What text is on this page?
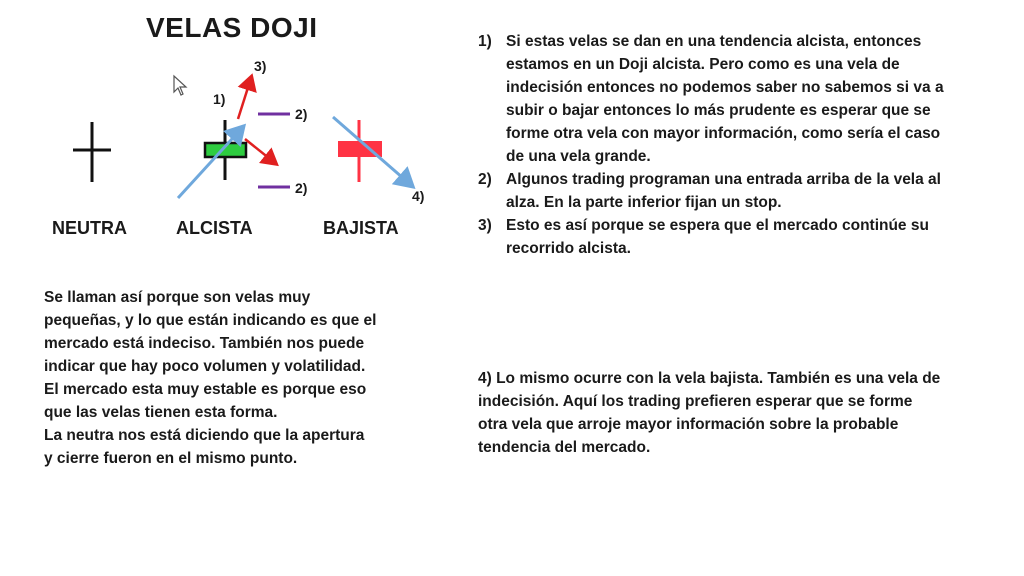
VELAS DOJI
3)
1)
2)
2)	4)
NEUTRA	ALCISTA	BAJISTA
Se llaman así porque son velas muy
pequeñas, y lo que están indicando es que el
mercado está indeciso. También nos puede
indicar que hay poco volumen y volatilidad.
El mercado esta muy estable es porque eso
que las velas tienen esta forma.
La neutra nos está diciendo que la apertura
y cierre fueron en el mismo punto.
1) Si estas velas se dan en una tendencia alcista, entonces
estamos en un Doji alcista. Pero como es una vela de
indecisión entonces no podemos saber no sabemos si va a
subir o bajar entonces lo más prudente es esperar que se
forme otra vela con mayor información, como sería el caso
de una vela grande.
2) Algunos trading programan una entrada arriba de la vela al
alza. En la parte inferior fijan un stop.
3) Esto es así porque se espera que el mercado continúe su
recorrido alcista.
4) Lo mismo ocurre con la vela bajista. También es una vela de
indecisión. Aquí los trading prefieren esperar que se forme
otra vela que arroje mayor información sobre la probable
tendencia del mercado.
